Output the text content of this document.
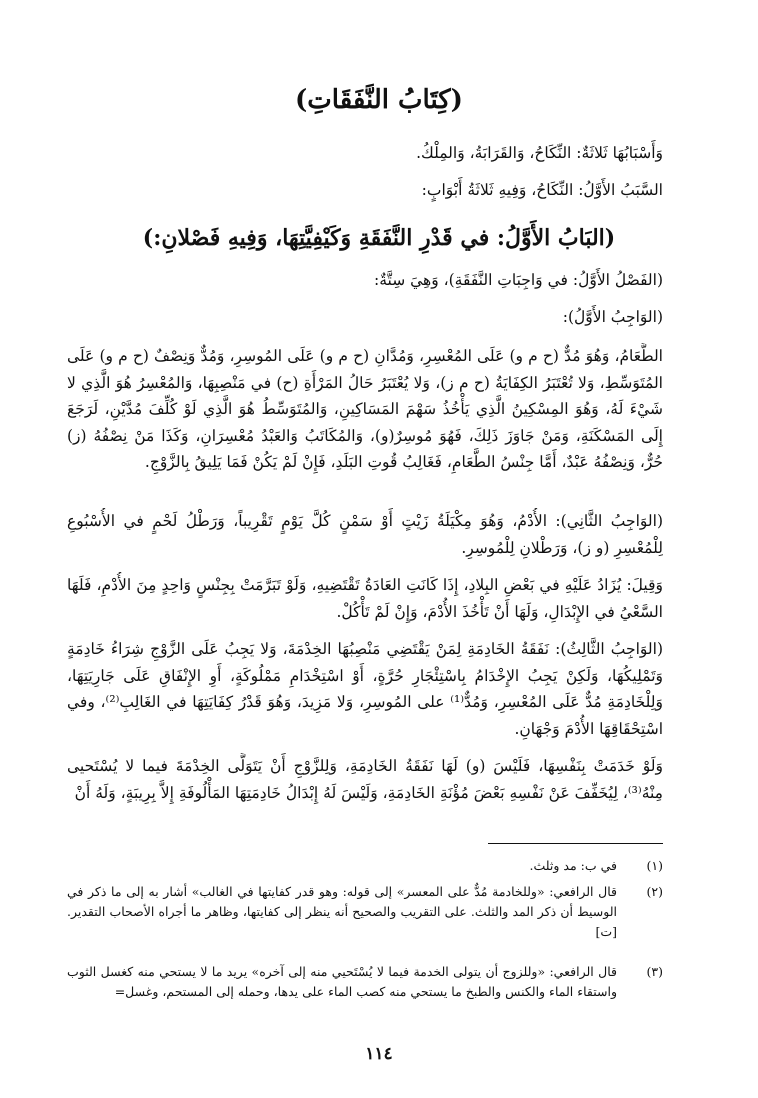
(كِتَابُ النَّفَقَاتِ)
وَأَسْبَابُهَا ثَلاثَةٌ: النِّكَاحُ، وَالقَرَابَةُ، وَالمِلْكُ.
السَّبَبُ الأَوَّلُ: النِّكَاحُ، وَفِيهِ ثَلاثَةُ أَبْوَابٍ:
(البَابُ الأَوَّلُ: في قَدْرِ النَّفَقَةِ وَكَيْفِيَّتِهَا، وَفِيهِ فَصْلانِ:)
(الفَصْلُ الأَوَّلُ: في وَاجِبَاتِ النَّفَقَةِ)، وَهِيَ سِتَّةٌ:
(الوَاجِبُ الأَوَّلُ):
الطَّعَامُ، وَهُوَ مُدٌّ (ح م و) عَلَى المُعْسِرِ، وَمُدَّانِ (ح م و) عَلَى المُوسِرِ، وَمُدٌّ وَنِصْفٌ (ح م و) عَلَى المُتَوَسِّطِ، وَلا تُعْتَبَرُ الكِفَايَةُ (ح م ز)، وَلا يُعْتَبَرُ حَالُ المَرْأَةِ (ح) في مَنْصِبِهَا، وَالمُعْسِرُ هُوَ الَّذِي لا شَيْءَ لَهُ، وَهُوَ المِسْكِينُ الَّذِي يَأْخُذُ سَهْمَ المَسَاكِينِ، وَالمُتَوَسِّطُ هُوَ الَّذِي لَوْ كُلِّفَ مُدَّيْنِ، لَرَجَعَ إِلَى المَسْكَنَةِ، وَمَنْ جَاوَزَ ذَلِكَ، فَهُوَ مُوسِرٌ(و)، وَالمُكَاتَبُ وَالعَبْدُ مُعْسِرَانِ، وَكَذَا مَنْ نِصْفُهُ (ز) حُرٌّ، وَنِصْفُهُ عَبْدٌ، أَمَّا جِنْسُ الطَّعَامِ، فَغَالِبُ قُوتِ البَلَدِ، فَإِنْ لَمْ يَكُنْ فَمَا يَلِيقُ بِالزَّوْجِ.
(الوَاجِبُ الثَّانِي): الأُدْمُ، وَهُوَ مِكْيَلَةُ زَيْتٍ أَوْ سَمْنٍ كُلَّ يَوْمٍ تَقْرِيباً، وَرَطْلُ لَحْمٍ في الأُسْبُوعِ لِلْمُعْسِرِ (و ز)، وَرَطْلانِ لِلْمُوسِرِ.
وَقِيلَ: يُزَادُ عَلَيْهِ في بَعْضِ البِلادِ، إِذَا كَانَتِ العَادَةُ تَقْتَضِيهِ، وَلَوْ تَبَرَّمَتْ بِجِنْسٍ وَاحِدٍ مِنَ الأُدْمِ، فَلَهَا السَّعْيُ في الإِبْدَالِ، وَلَهَا أَنْ تَأْخُذَ الأُدْمَ، وَإِنْ لَمْ تَأْكُلْ.
(الوَاجِبُ الثَّالِثُ): نَفَقَةُ الخَادِمَةِ لِمَنْ يَقْتَضِي مَنْصِبُهَا الخِدْمَةَ، وَلا يَجِبُ عَلَى الزَّوْجِ شِرَاءُ خَادِمَةٍ وَتَمْلِيكُهَا، وَلَكِنْ يَجِبُ الإِخْدَامُ بِاسْتِئْجَارِ حُرَّةٍ، أَوْ اسْتِخْدَامِ مَمْلُوكَةٍ، أَوِ الإِنْفَاقِ عَلَى جَارِيَتِهَا، وَلِلْخَادِمَةِ مُدٌّ عَلَى المُعْسِرِ، وَمُدٌّ⁽¹⁾ على المُوسِرِ، وَلا مَزِيدَ، وَهُوَ قَدْرُ كِفَايَتِهَا في الغَالِبِ⁽²⁾، وفي اسْتِحْقَاقِهَا الأُدْمَ وَجْهَانِ.
وَلَوْ خَدَمَتْ بِنَفْسِهَا، فَلَيْسَ (و) لَهَا نَفَقَةُ الخَادِمَةِ، وَلِلزَّوْجِ أَنْ يَتَوَلَّى الخِدْمَةَ فيما لا يُسْتَحيى مِنْهُ⁽³⁾، لِيُخَفِّفَ عَنْ نَفْسِهِ بَعْضَ مُؤْنَةِ الخَادِمَةِ، وَلَيْسَ لَهُ إِبْدَالُ خَادِمَتِهَا المَأْلُوفَةِ إِلاَّ بِرِيبَةٍ، وَلَهُ أَنْ
(١)
في ب: مد وثلث.
(٢)
قال الرافعي: «وللخادمة مُدٌّ على المعسر» إلى قوله: وهو قدر كفايتها في الغالب» أشار به إلى ما ذكر في الوسيط أن ذكر المد والثلث. على التقريب والصحيح أنه ينظر إلى كفايتها، وظاهر ما أجراه الأصحاب التقدير. [ت]
(٣)
قال الرافعي: «وللزوج أن يتولى الخدمة فيما لا يُسْتَحيي منه إلى آخره» يريد ما لا يستحي منه كغسل الثوب واستقاء الماء والكنس والطبخ ما يستحي منه كصب الماء على يدها، وحمله إلى المستحم، وغسل=
١١٤
